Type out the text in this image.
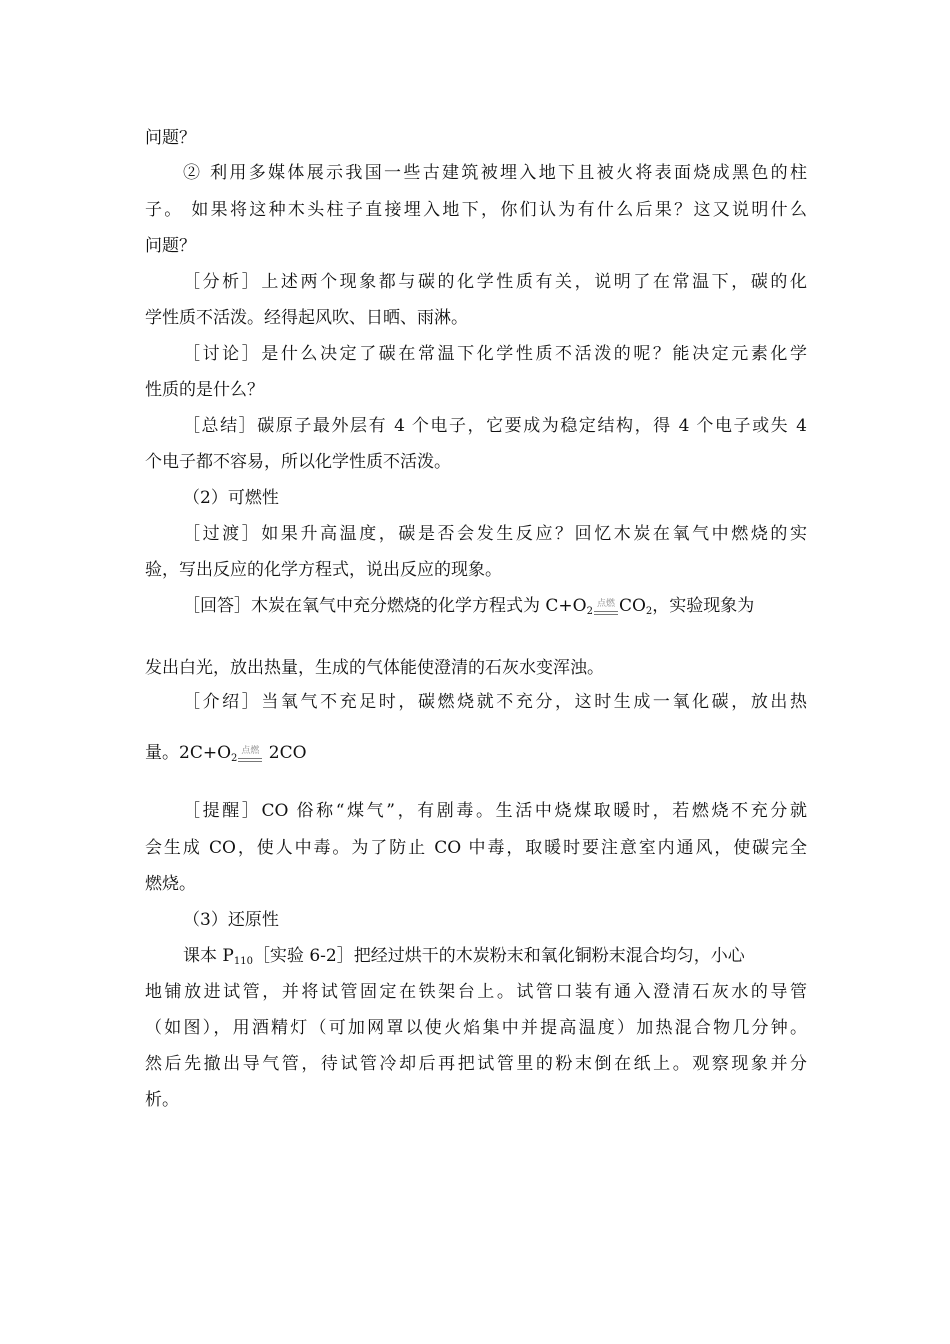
问题？
② 利用多媒体展示我国一些古建筑被埋入地下且被火将表面烧成黑色的柱
子。 如果将这种木头柱子直接埋入地下，你们认为有什么后果？这又说明什么
问题？
［分析］上述两个现象都与碳的化学性质有关，说明了在常温下，碳的化
学性质不活泼。经得起风吹、日晒、雨淋。
［讨论］是什么决定了碳在常温下化学性质不活泼的呢？能决定元素化学
性质的是什么？
［总结］碳原子最外层有 4 个电子，它要成为稳定结构，得 4 个电子或失 4
个电子都不容易，所以化学性质不活泼。
（2）可燃性
［过渡］如果升高温度，碳是否会发生反应？回忆木炭在氧气中燃烧的实
验，写出反应的化学方程式，说出反应的现象。
［回答］木炭在氧气中充分燃烧的化学方程式为 $C+O_2$
点燃 $CO_2$，实验现象为
发出白光，放出热量，生成的气体能使澄清的石灰水变浑浊。
［介绍］当氧气不充足时，碳燃烧就不充分，这时生成一氧化碳，放出热
量。$2C+O_2$
点燃 2CO
［提醒］CO 俗称“煤气”，有剧毒。生活中烧煤取暖时，若燃烧不充分就
会生成 CO，使人中毒。为了防止 CO 中毒，取暖时要注意室内通风，使碳完全
燃烧。
（3）还原性
课本 $P_{110}[$实验 6-2］把经过烘干的木炭粉末和氧化铜粉末混合均匀，小心
地铺放进试管，并将试管固定在铁架台上。试管口装有通入澄清石灰水的导管
（如图），用酒精灯（可加网罩以使火焰集中并提高温度）加热混合物几分钟。
然后先撤出导气管，待试管冷却后再把试管里的粉末倒在纸上。观察现象并分
析。
